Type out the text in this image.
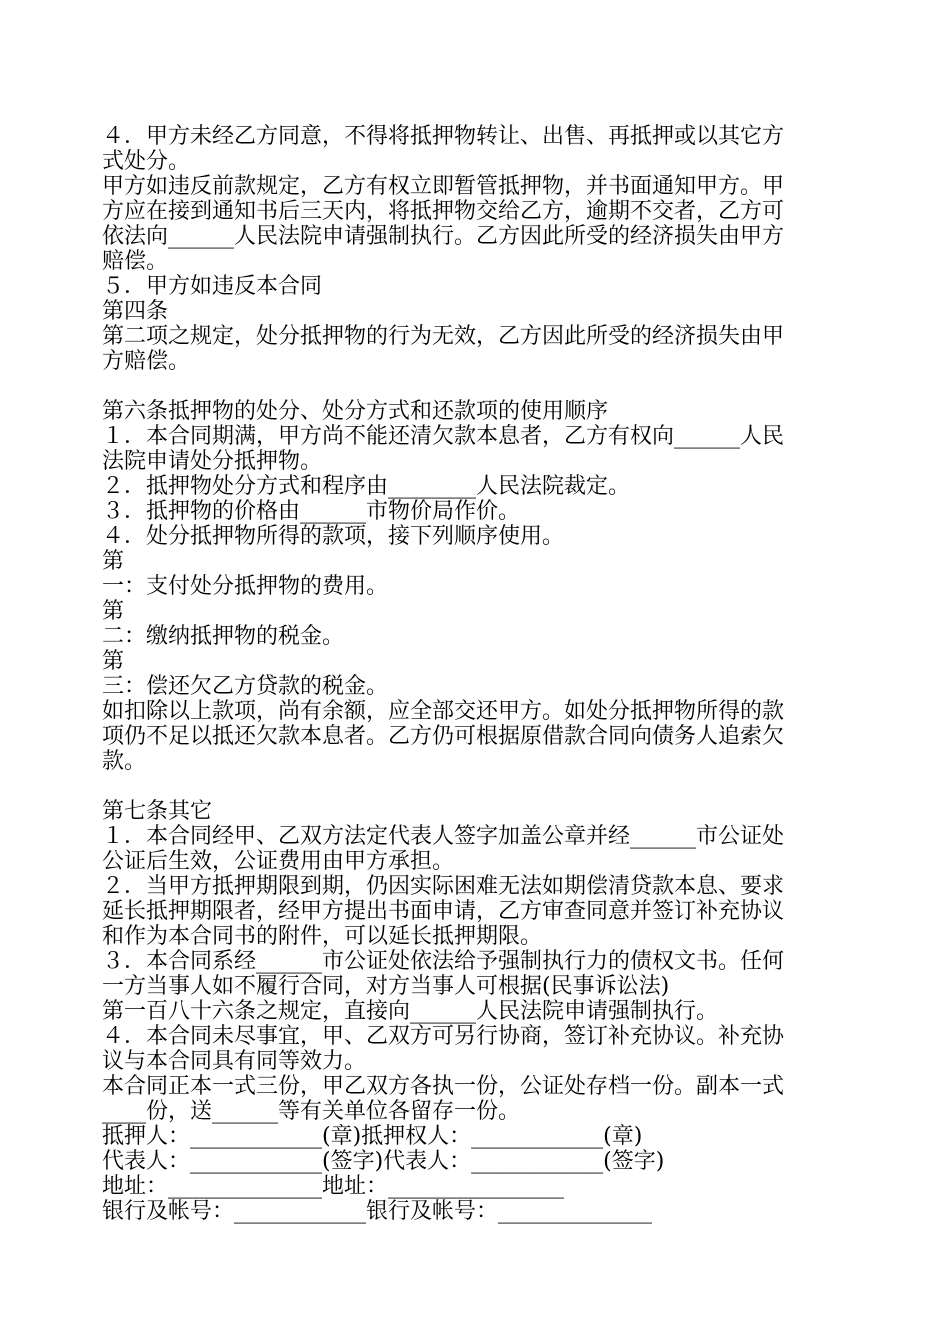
４．甲方未经乙方同意，不得将抵押物转让、出售、再抵押或以其它方
式处分。
甲方如违反前款规定，乙方有权立即暂管抵押物，并书面通知甲方。甲
方应在接到通知书后三天内，将抵押物交给乙方，逾期不交者，乙方可
依法向______人民法院申请强制执行。乙方因此所受的经济损失由甲方
赔偿。
５．甲方如违反本合同
第四条
第二项之规定，处分抵押物的行为无效，乙方因此所受的经济损失由甲
方赔偿。
第六条抵押物的处分、处分方式和还款项的使用顺序
１．本合同期满，甲方尚不能还清欠款本息者，乙方有权向______人民
法院申请处分抵押物。
２．抵押物处分方式和程序由________人民法院裁定。
３．抵押物的价格由______市物价局作价。
４．处分抵押物所得的款项，接下列顺序使用。
第
一：支付处分抵押物的费用。
第
二：缴纳抵押物的税金。
第
三：偿还欠乙方贷款的税金。
如扣除以上款项，尚有余额，应全部交还甲方。如处分抵押物所得的款
项仍不足以抵还欠款本息者。乙方仍可根据原借款合同向债务人追索欠
款。
第七条其它
１．本合同经甲、乙双方法定代表人签字加盖公章并经______市公证处
公证后生效，公证费用由甲方承担。
２．当甲方抵押期限到期，仍因实际困难无法如期偿清贷款本息、要求
延长抵押期限者，经甲方提出书面申请，乙方审查同意并签订补充协议
和作为本合同书的附件，可以延长抵押期限。
３．本合同系经______市公证处依法给予强制执行力的债权文书。任何
一方当事人如不履行合同，对方当事人可根据(民事诉讼法)
第一百八十六条之规定，直接向______人民法院申请强制执行。
４．本合同未尽事宜，甲、乙双方可另行协商，签订补充协议。补充协
议与本合同具有同等效力。
本合同正本一式三份，甲乙双方各执一份，公证处存档一份。副本一式
____份，送______等有关单位各留存一份。
抵押人：____________(章)抵押权人：____________(章)
代表人：____________(签字)代表人：____________(签字)
地址：______________地址：________________
银行及帐号：____________银行及帐号：______________
